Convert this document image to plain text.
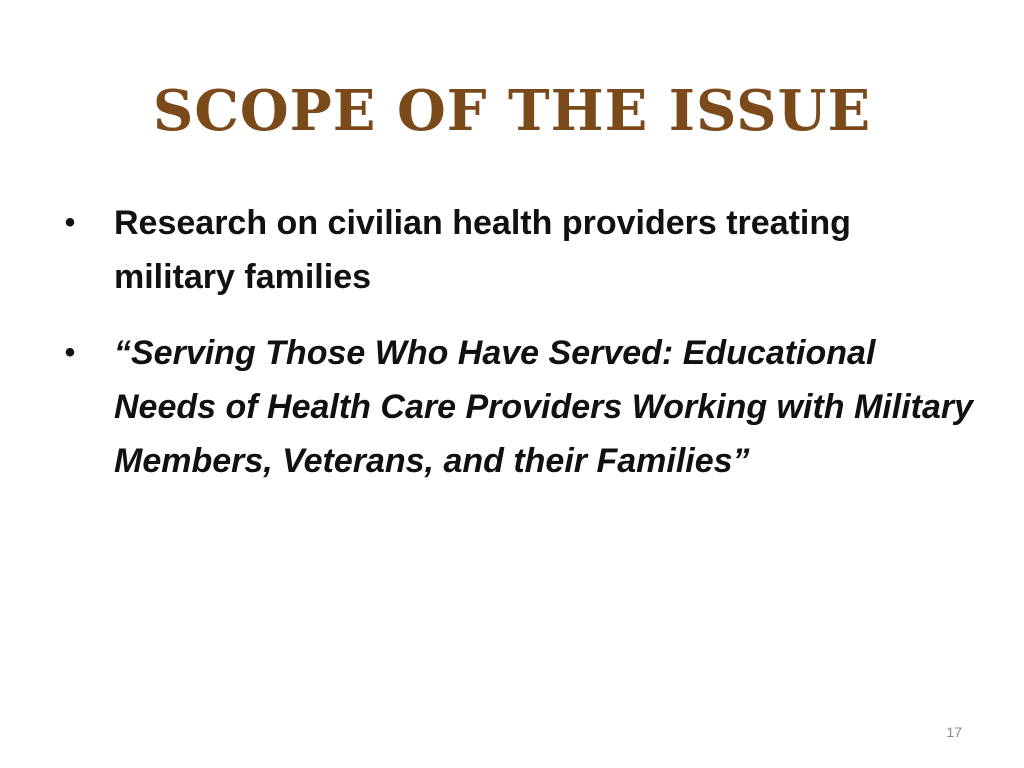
SCOPE OF THE ISSUE
• Research on civilian health providers treating military families
• “Serving Those Who Have Served: Educational Needs of Health Care Providers Working with Military Members, Veterans, and their Families”
17
